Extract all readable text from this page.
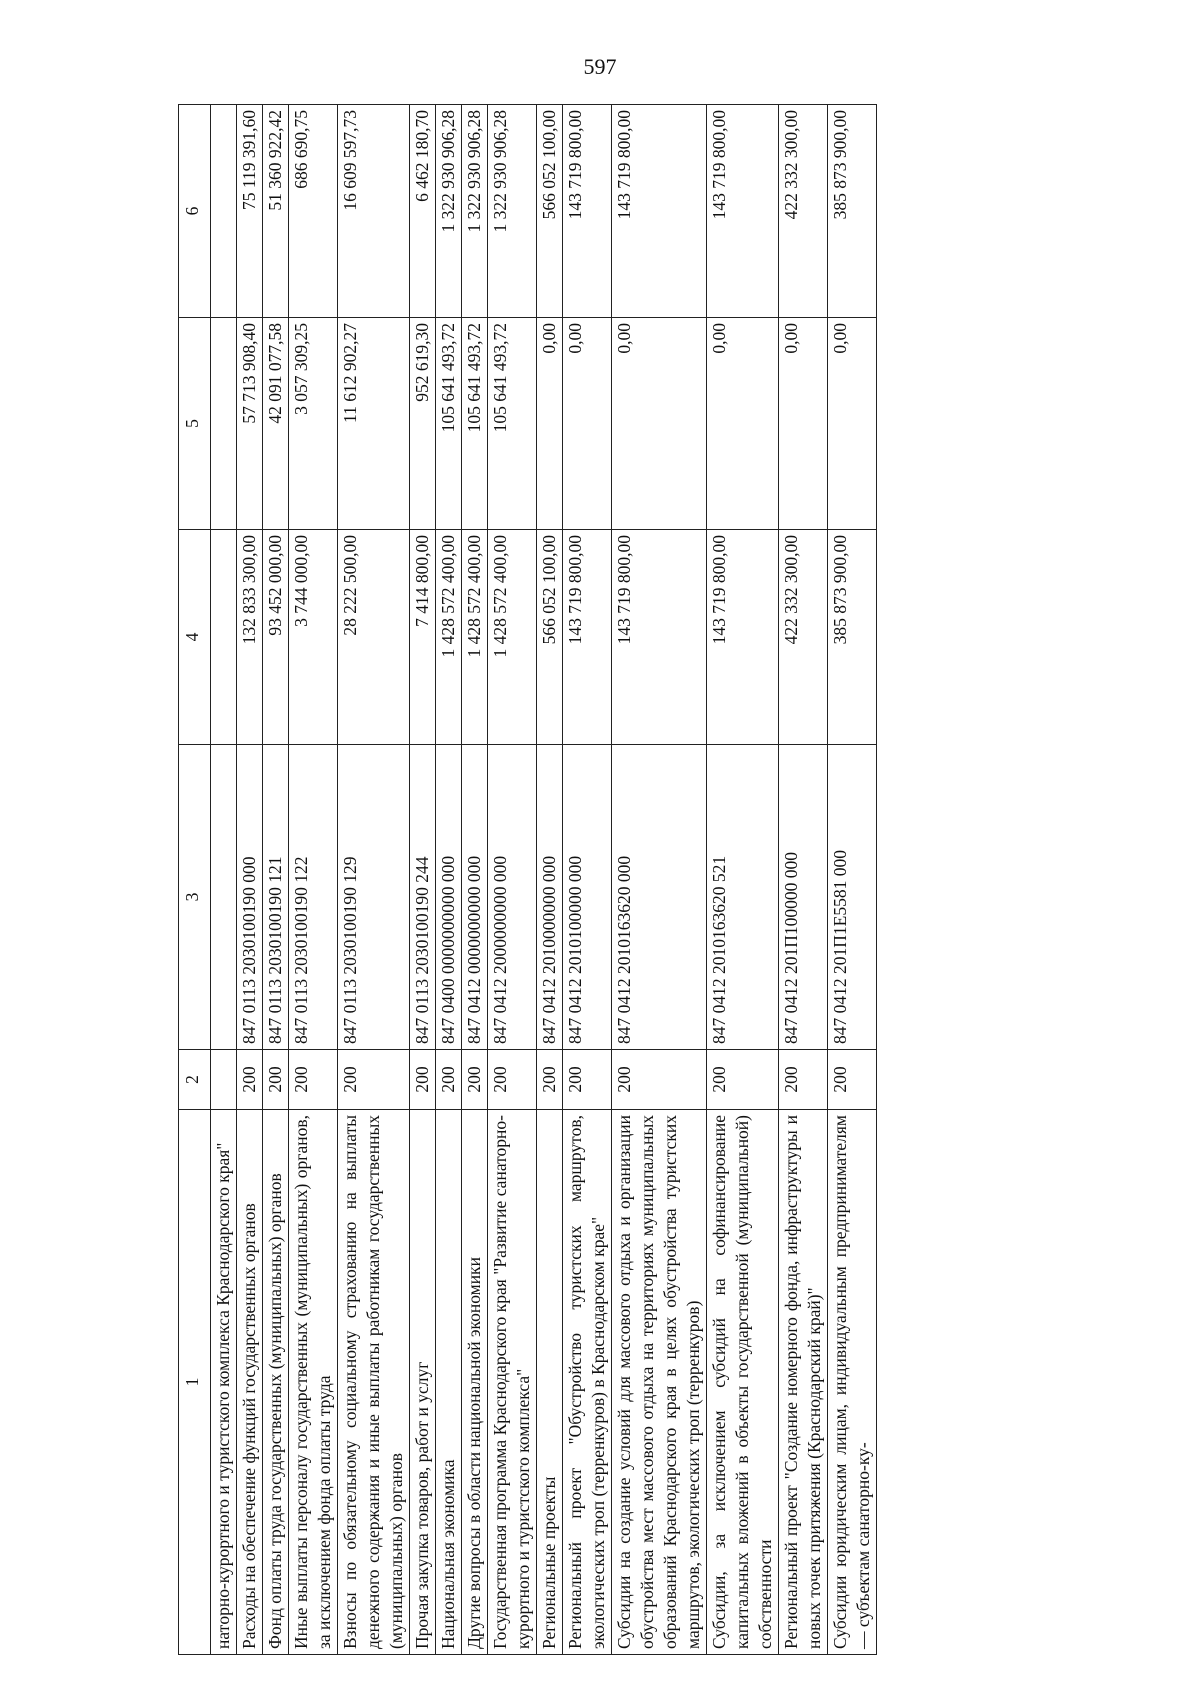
597
1	2	3	4	5	6
натoрно-курортного и туристского комплекса Краснодарского края"					
Расходы на обеспечение функций государственных органов	200	847 0113 2030100190 000	132 833 300,00	57 713 908,40	75 119 391,60
Фонд оплаты труда государственных (муниципальных) органов	200	847 0113 2030100190 121	93 452 000,00	42 091 077,58	51 360 922,42
Иные выплаты персоналу государственных (муниципальных) органов, за исключением фонда оплаты труда	200	847 0113 2030100190 122	3 744 000,00	3 057 309,25	686 690,75
Взносы по обязательному социальному страхованию на выплаты денежного содержания и иные выплаты работникам государственных (муниципальных) органов	200	847 0113 2030100190 129	28 222 500,00	11 612 902,27	16 609 597,73
Прочая закупка товаров, работ и услуг	200	847 0113 2030100190 244	7 414 800,00	952 619,30	6 462 180,70
Национальная экономика	200	847 0400 0000000000 000	1 428 572 400,00	105 641 493,72	1 322 930 906,28
Другие вопросы в области национальной экономики	200	847 0412 0000000000 000	1 428 572 400,00	105 641 493,72	1 322 930 906,28
Государственная программа Краснодарского края "Развитие санаторно-курортного и туристского комплекса"	200	847 0412 2000000000 000	1 428 572 400,00	105 641 493,72	1 322 930 906,28
Региональные проекты	200	847 0412 2010000000 000	566 052 100,00	0,00	566 052 100,00
Региональный проект "Обустройство туристских маршрутов, экологических троп (терренкуров) в Краснодарском крае"	200	847 0412 2010100000 000	143 719 800,00	0,00	143 719 800,00
Субсидии на создание условий для массового отдыха и организации обустройства мест массового отдыха на территориях муниципальных образований Краснодарского края в целях обустройства туристских маршрутов, экологических троп (терренкуров)	200	847 0412 2010163620 000	143 719 800,00	0,00	143 719 800,00
Субсидии, за исключением субсидий на софинансирование капитальных вложений в объекты государственной (муниципальной) собственности	200	847 0412 2010163620 521	143 719 800,00	0,00	143 719 800,00
Региональный проект "Создание номерного фонда, инфраструктуры и новых точек притяжения (Краснодарский край)"	200	847 0412 201П100000 000	422 332 300,00	0,00	422 332 300,00
Субсидии юридическим лицам, индивидуальным предпринимателям — субъектам санаторно-ку-	200	847 0412 201П1Е5581 000	385 873 900,00	0,00	385 873 900,00
